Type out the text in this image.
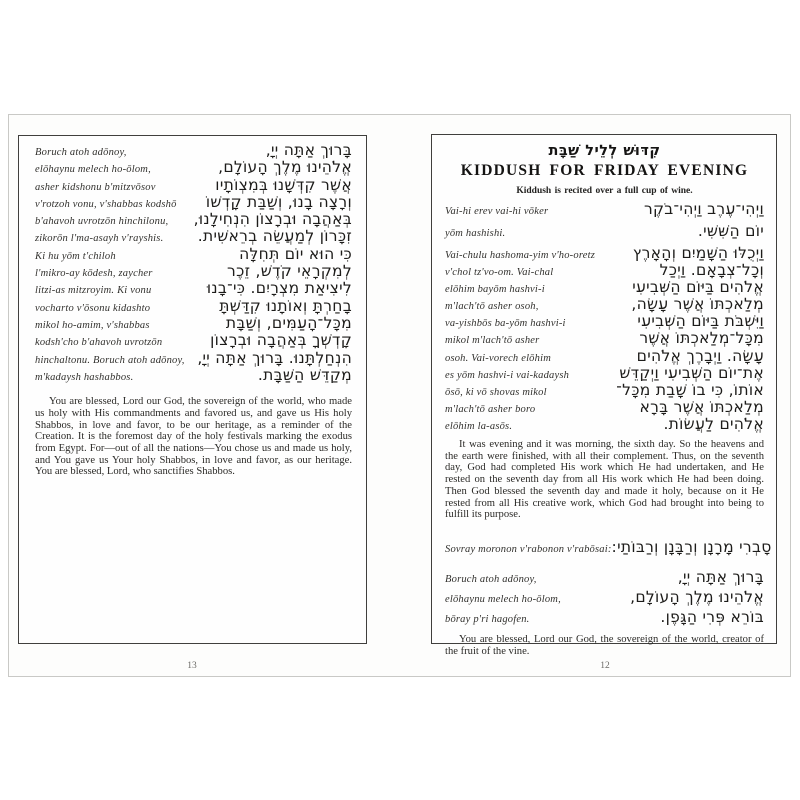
Boruch atoh adōnoy,	בָּרוּךְ אַתָּה יְיָ,
elōhaynu melech ho-ōlom,	אֱלֹהֵינוּ מֶלֶךְ הָעוֹלָם,
asher kidshonu b'mitzvōsov	אֲשֶׁר קִדְּשָׁנוּ בְּמִצְוֹתָיו
v'rotzoh vonu, v'shabbas kodshō וְרָצָה בָנוּ, וְשַׁבַּת קָדְשׁוֹ
b'ahavoh uvrotzōn hinchilonu, בְּאַהֲבָה וּבְרָצוֹן הִנְחִילָנוּ,
zikorōn l'ma-asayh v'rayshis. זִכָּרוֹן לְמַעֲשֵׂה בְרֵאשִׁית.
Ki hu yōm t'chiloh	כִּי הוּא יוֹם תְּחִלָּה
l'mikro-ay kōdesh, zaycher	לְמִקְרָאֵי קֹדֶשׁ, זֵכֶר
litzi-as mitzroyim. Ki vonu	לִיצִיאַת מִצְרָיִם. כִּי־בָנוּ
vocharto v'ōsonu kidashto	בָחַרְתָּ וְאוֹתָנוּ קִדַּשְׁתָּ
mikol ho-amim, v'shabbas	מִכָּל־הָעַמִּים, וְשַׁבָּת
kodsh'cho b'ahavoh uvrotzōn	קָדְשְׁךָ בְּאַהֲבָה וּבְרָצוֹן
hinchaltonu. Boruch atoh adōnoy, הִנְחַלְתָּנוּ. בָּרוּךְ אַתָּה יְיָ,
m'kadaysh hashabbos.	מְקַדֵּשׁ הַשַּׁבָּת.

You are blessed, Lord our God, the sovereign of the world, who made us holy with His commandments and favored us, and gave us His holy Shabbos, in love and favor, to be our heritage, as a reminder of the Creation. It is the foremost day of the holy festivals marking the exodus from Egypt. For—out of all the nations—You chose us and made us holy, and You gave us Your holy Shabbos, in love and favor, as our heritage. You are blessed, Lord, who sanctifies Shabbos.

קִדּוּשׁ לְלֵיל שַׁבָּת
KIDDUSH FOR FRIDAY EVENING
Kiddush is recited over a full cup of wine.
Vai-hi erev vai-hi vōker	וַיְהִי־עֶרֶב וַיְהִי־בֹקֶר
yōm hashishi.	יוֹם הַשִּׁשִּׁי.
Vai-chulu hashoma-yim v'ho-oretz וַיְכֻלּוּ הַשָּׁמַיִם וְהָאָרֶץ
v'chol tz'vo-om. Vai-chal	וְכָל־צְבָאָם. וַיְכַל
elōhim bayōm hashvi-i	אֱלֹהִים בַּיּוֹם הַשְּׁבִיעִי
m'lach'tō asher osoh,	מְלַאכְתּוֹ אֲשֶׁר עָשָׂה,
va-yishbōs ba-yōm hashvi-i	וַיִּשְׁבֹּת בַּיּוֹם הַשְּׁבִיעִי
mikol m'lach'tō asher	מִכָּל־מְלַאכְתּוֹ אֲשֶׁר
osoh. Vai-vorech elōhim	עָשָׂה. וַיְבָרֶךְ אֱלֹהִים
es yōm hashvi-i vai-kadaysh	אֶת־יוֹם הַשְּׁבִיעִי וַיְקַדֵּשׁ
ōsō, ki vō shovas mikol	אוֹתוֹ, כִּי בוֹ שָׁבַת מִכָּל־
m'lach'tō asher boro	מְלַאכְתּוֹ אֲשֶׁר בָּרָא
elōhim la-asōs.	אֱלֹהִים לַעֲשׂוֹת.

It was evening and it was morning, the sixth day. So the heavens and the earth were finished, with all their complement. Thus, on the seventh day, God had completed His work which He had undertaken, and He rested on the seventh day from all His work which He had been doing. Then God blessed the seventh day and made it holy, because on it He rested from all His creative work, which God had brought into being to fulfill its purpose.

Sovray moronon v'rabonon v'rabōsai: סָבְרִי מָרָנָן וְרַבָּנָן וְרַבּוֹתַי:
Boruch atoh adōnoy,	בָּרוּךְ אַתָּה יְיָ,
elōhaynu melech ho-ōlom,	אֱלֹהֵינוּ מֶלֶךְ הָעוֹלָם,
bōray p'ri hagofen.	בּוֹרֵא פְּרִי הַגָּפֶן.

You are blessed, Lord our God, the sovereign of the world, creator of the fruit of the vine.

13	12
